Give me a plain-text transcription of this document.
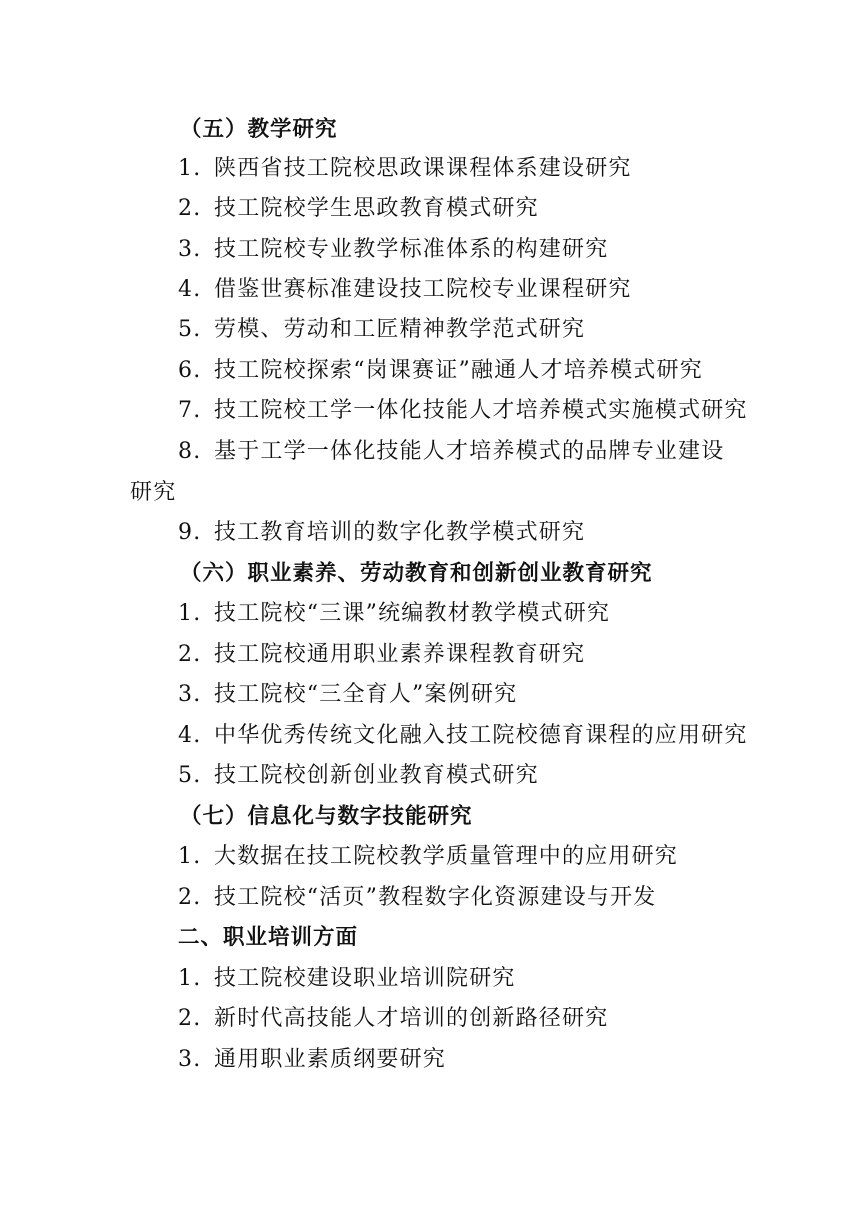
（五）教学研究
1. 陕西省技工院校思政课课程体系建设研究
2. 技工院校学生思政教育模式研究
3. 技工院校专业教学标准体系的构建研究
4. 借鉴世赛标准建设技工院校专业课程研究
5. 劳模、劳动和工匠精神教学范式研究
6. 技工院校探索“岗课赛证”融通人才培养模式研究
7. 技工院校工学一体化技能人才培养模式实施模式研究
8. 基于工学一体化技能人才培养模式的品牌专业建设
研究
9. 技工教育培训的数字化教学模式研究
（六）职业素养、劳动教育和创新创业教育研究
1. 技工院校“三课”统编教材教学模式研究
2. 技工院校通用职业素养课程教育研究
3. 技工院校“三全育人”案例研究
4. 中华优秀传统文化融入技工院校德育课程的应用研究
5. 技工院校创新创业教育模式研究
（七）信息化与数字技能研究
1. 大数据在技工院校教学质量管理中的应用研究
2. 技工院校“活页”教程数字化资源建设与开发
二、职业培训方面
1. 技工院校建设职业培训院研究
2. 新时代高技能人才培训的创新路径研究
3. 通用职业素质纲要研究
